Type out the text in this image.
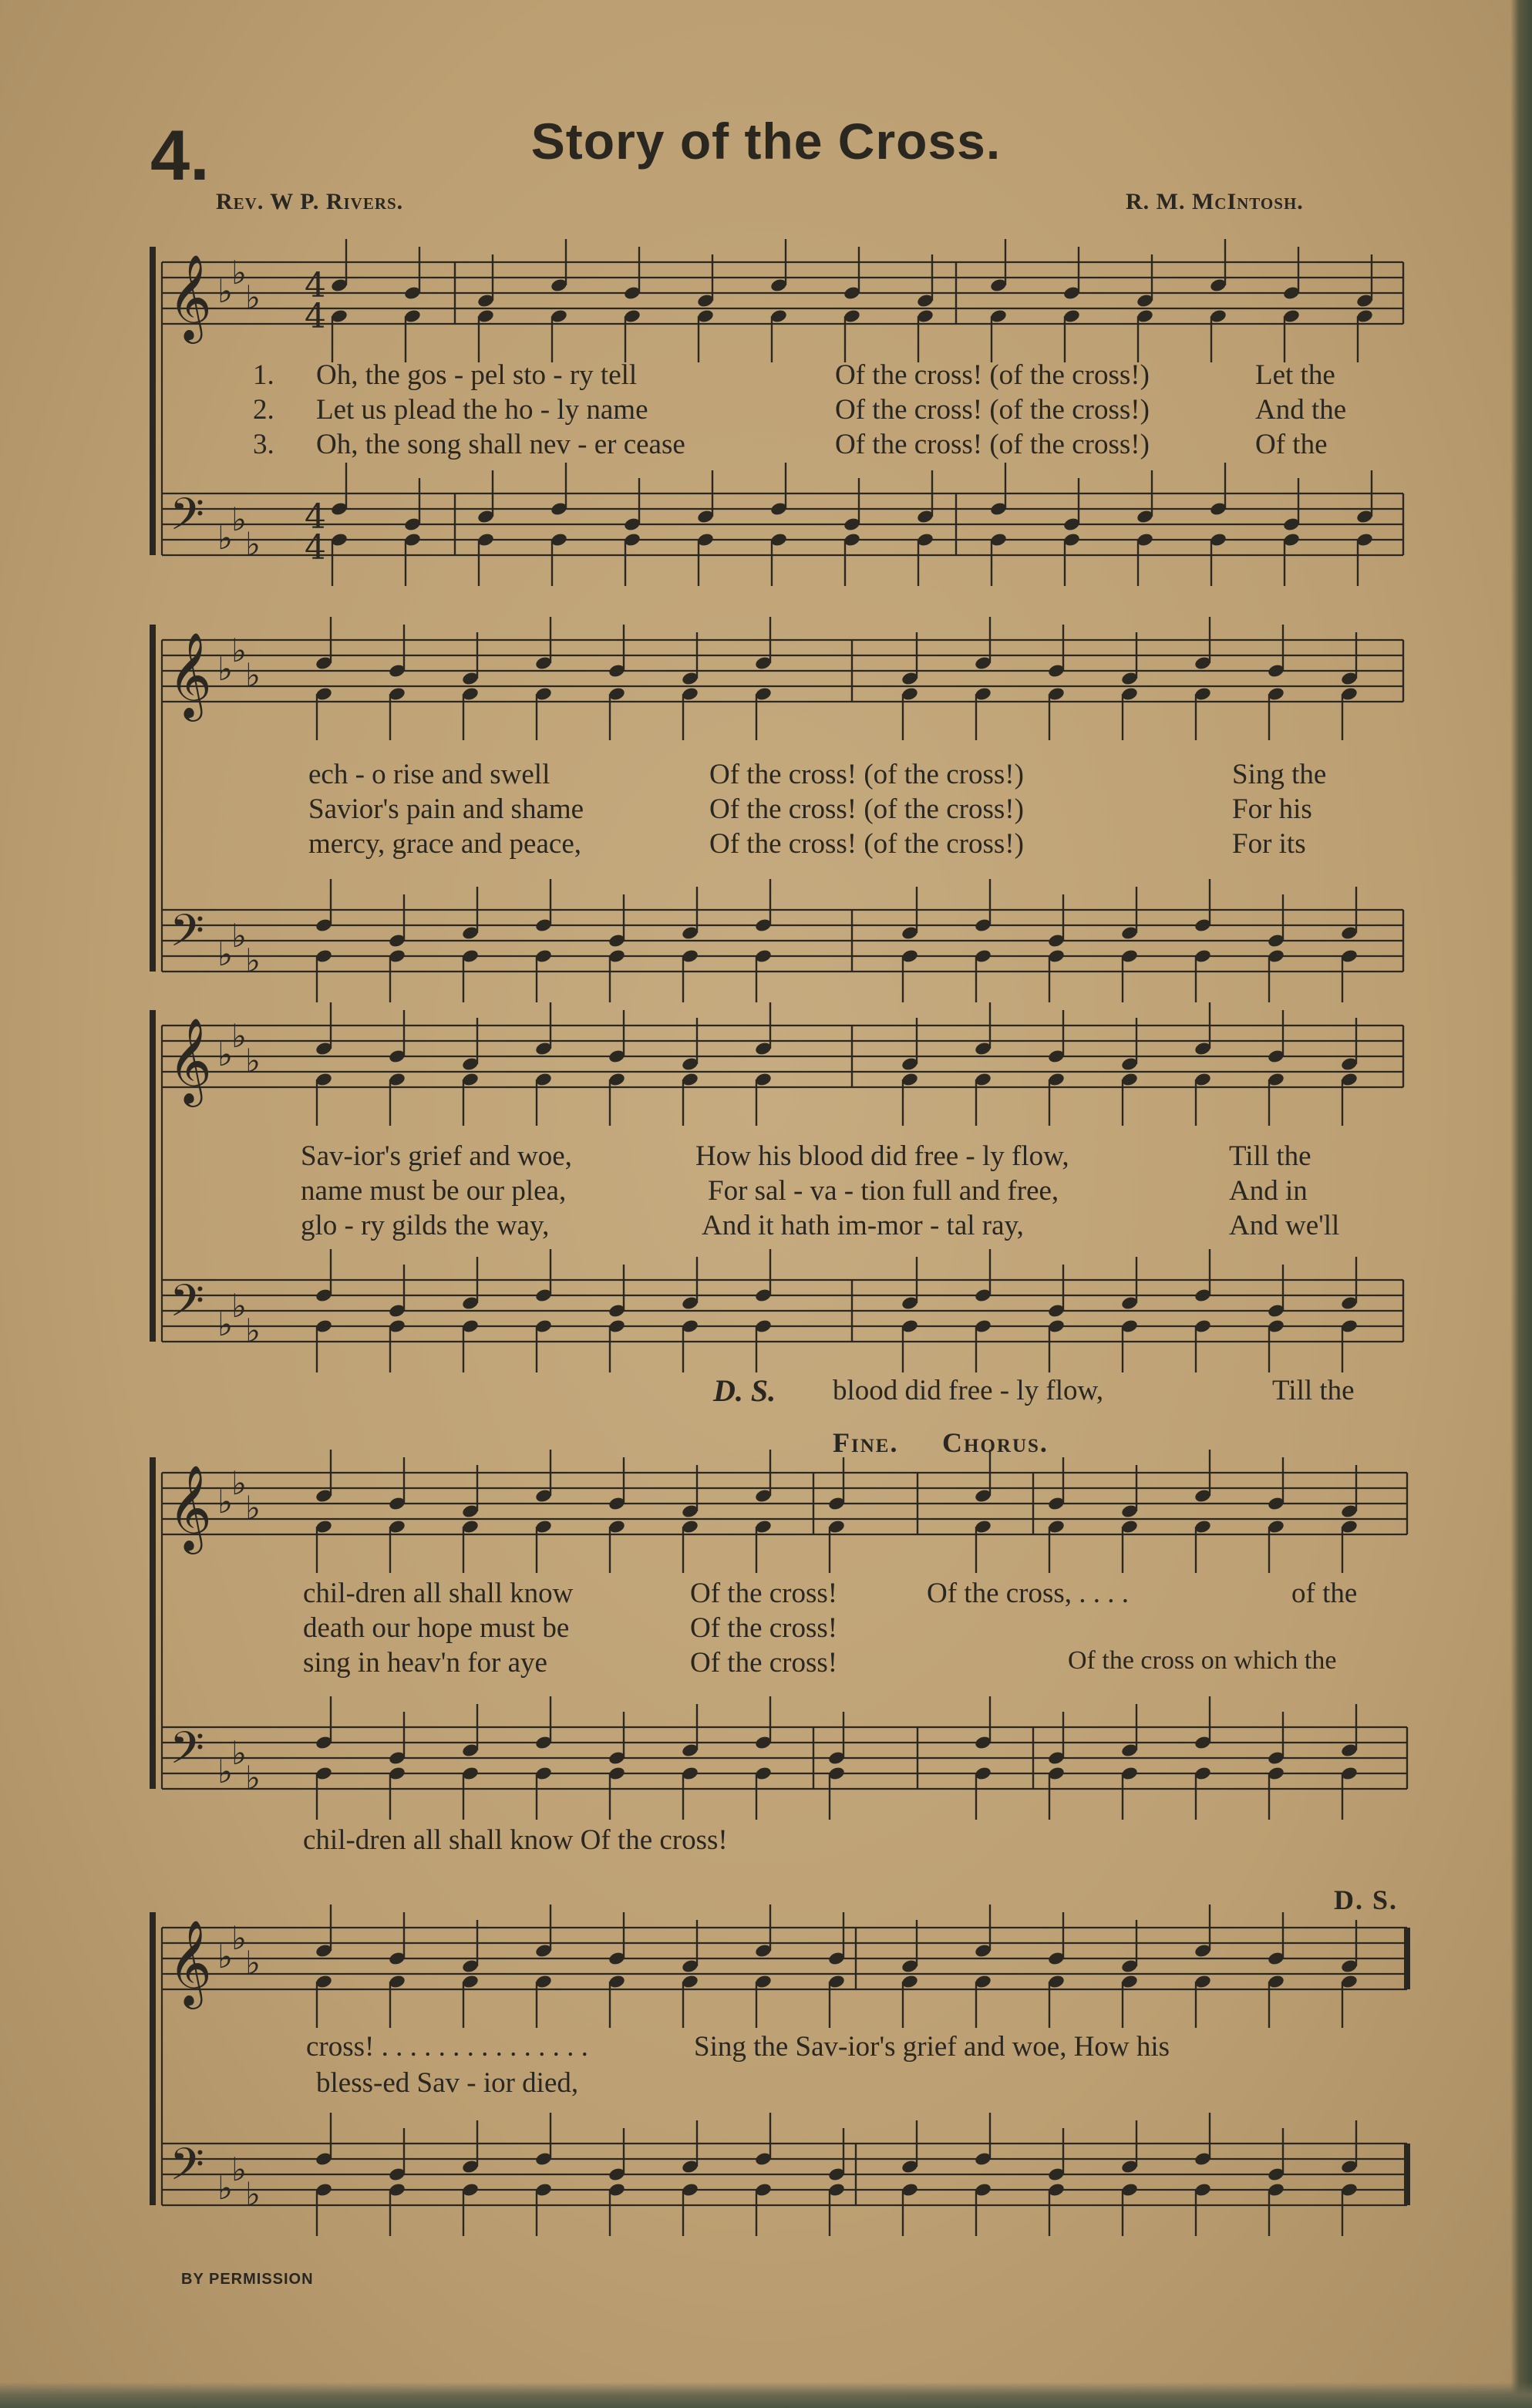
𝄞
𝄢
♭
♭
♭
♭
♭
♭
𝄞
𝄢
♭
♭
♭
♭
♭
♭
𝄞
𝄢
♭
♭
♭
♭
♭
♭
𝄞
𝄢
♭
♭
♭
♭
♭
♭
𝄞
𝄢
♭
♭
♭
♭
♭
♭
4
4
4
4
4.	Story of the Cross.
Rev. W P. Rivers.	R. M. McIntosh.
1.
2.
3.
Oh, the gos - pel sto - ry tell	Of the cross! (of the cross!)	Let the
Let us plead the ho - ly name	Of the cross! (of the cross!)	And the
Oh, the song shall nev - er cease	Of the cross! (of the cross!)	Of the
ech - o rise and swell	Of the cross! (of the cross!)	Sing the
Savior's pain and shame	Of the cross! (of the cross!)	For his
mercy, grace and peace,	Of the cross! (of the cross!)	For its
Sav-ior's grief and woe,	How his blood did free - ly flow,	Till the
name must be our plea,	For sal - va - tion full and free,	And in
glo - ry gilds the way,	And it hath im-mor - tal ray,	And we'll
D. S. blood did free - ly flow,	Till the
Fine. Chorus.
chil-dren all shall know	Of the cross!	Of the cross, . . . .	of the
death our hope must be	Of the cross!
sing in heav'n for aye	Of the cross!	Of the cross on which the
chil-dren all shall know Of the cross!
D. S.
cross! . . . . . . . . . . . . . . .	Sing the Sav-ior's grief and woe, How his
bless-ed Sav - ior died,
BY PERMISSION
